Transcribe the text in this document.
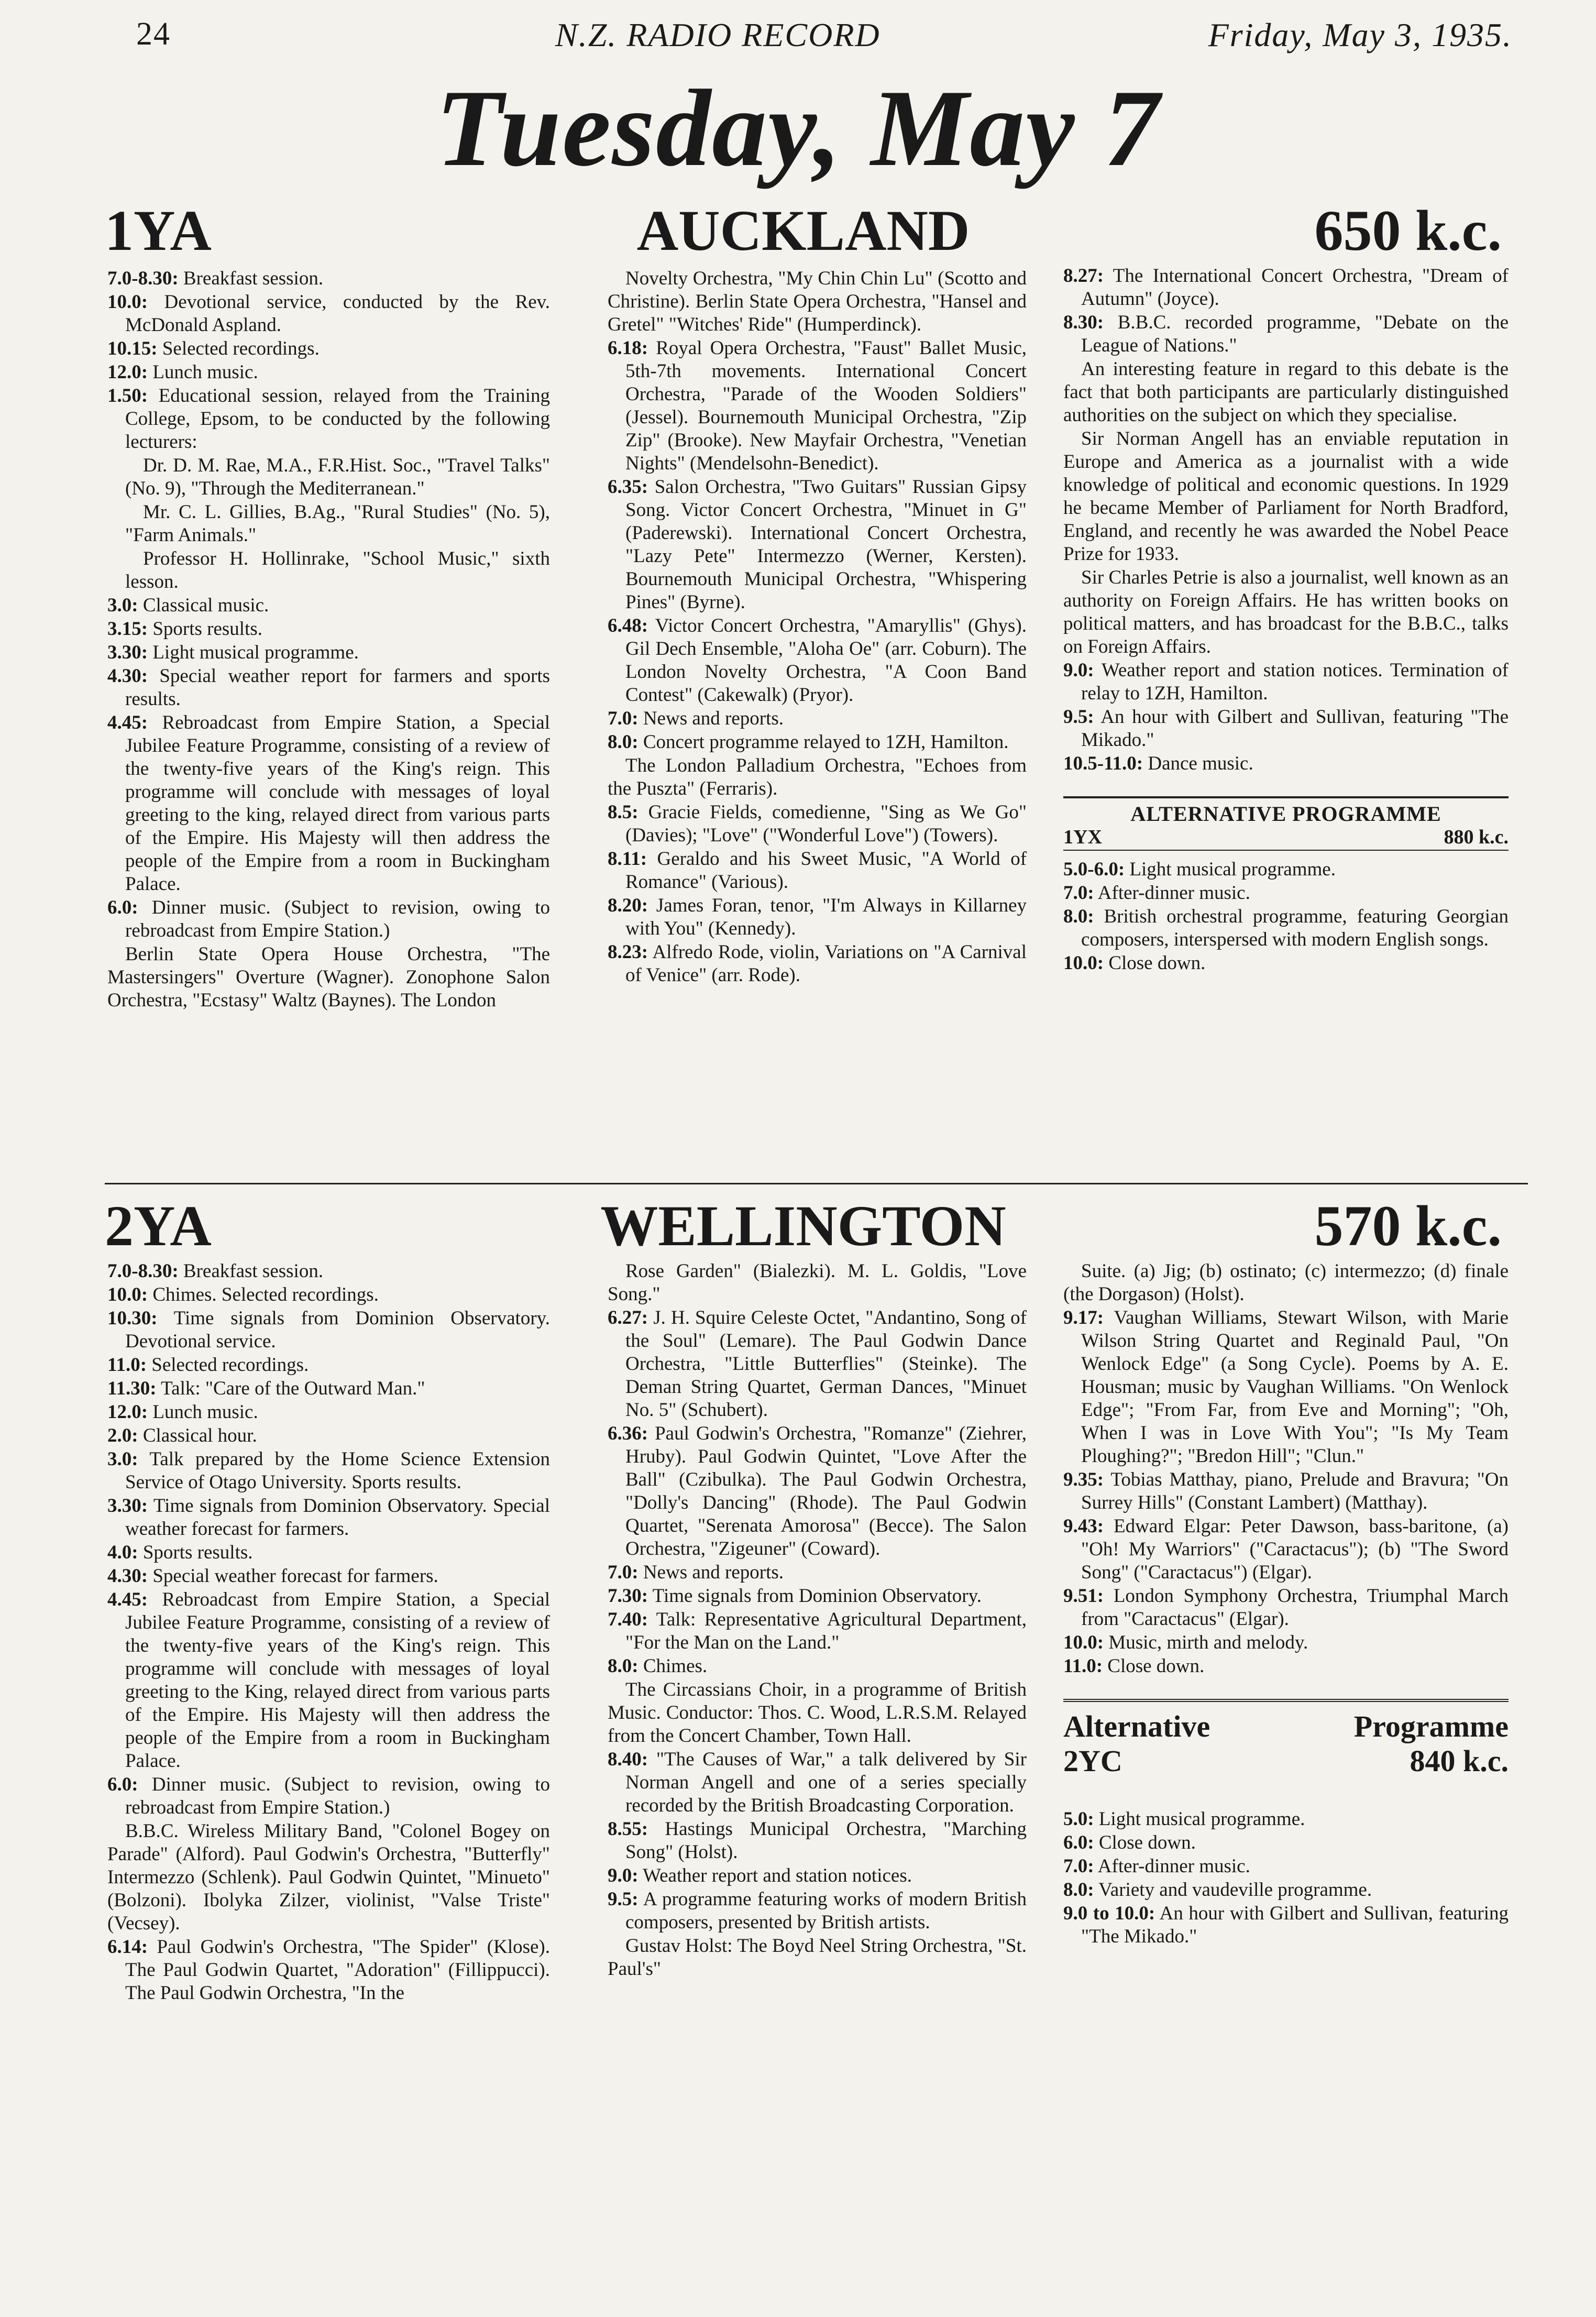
24	N.Z. RADIO RECORD	Friday, May 3, 1935.
Tuesday, May 7
1YA	AUCKLAND	650 k.c.

7.0-8.30: Breakfast session.

10.0: Devotional service, conducted by the Rev. McDonald Aspland.

10.15: Selected recordings.

12.0: Lunch music.

1.50: Educational session, relayed from the Training College, Epsom, to be conducted by the following lecturers:

Dr. D. M. Rae, M.A., F.R.Hist. Soc., "Travel Talks" (No. 9), "Through the Mediterranean."

Mr. C. L. Gillies, B.Ag., "Rural Studies" (No. 5), "Farm Animals."

Professor H. Hollinrake, "School Music," sixth lesson.

3.0: Classical music.

3.15: Sports results.

3.30: Light musical programme.

4.30: Special weather report for farmers and sports results.

4.45: Rebroadcast from Empire Station, a Special Jubilee Feature Programme, consisting of a review of the twenty-five years of the King's reign. This programme will conclude with messages of loyal greeting to the king, relayed direct from various parts of the Empire. His Majesty will then address the people of the Empire from a room in Buckingham Palace.

6.0: Dinner music. (Subject to revision, owing to rebroadcast from Empire Station.)

Berlin State Opera House Orchestra, "The Mastersingers" Overture (Wagner). Zonophone Salon Orchestra, "Ecstasy" Waltz (Baynes). The London

Novelty Orchestra, "My Chin Chin Lu" (Scotto and Christine). Berlin State Opera Orchestra, "Hansel and Gretel" "Witches' Ride" (Humperdinck).

6.18: Royal Opera Orchestra, "Faust" Ballet Music, 5th-7th movements. International Concert Orchestra, "Parade of the Wooden Soldiers" (Jessel). Bournemouth Municipal Orchestra, "Zip Zip" (Brooke). New Mayfair Orchestra, "Venetian Nights" (Mendelsohn-Benedict).

6.35: Salon Orchestra, "Two Guitars" Russian Gipsy Song. Victor Concert Orchestra, "Minuet in G" (Paderewski). International Concert Orchestra, "Lazy Pete" Intermezzo (Werner, Kersten). Bournemouth Municipal Orchestra, "Whispering Pines" (Byrne).

6.48: Victor Concert Orchestra, "Amaryllis" (Ghys). Gil Dech Ensemble, "Aloha Oe" (arr. Coburn). The London Novelty Orchestra, "A Coon Band Contest" (Cakewalk) (Pryor).

7.0: News and reports.

8.0: Concert programme relayed to 1ZH, Hamilton.

The London Palladium Orchestra, "Echoes from the Puszta" (Ferraris).

8.5: Gracie Fields, comedienne, "Sing as We Go" (Davies); "Love" ("Wonderful Love") (Towers).

8.11: Geraldo and his Sweet Music, "A World of Romance" (Various).

8.20: James Foran, tenor, "I'm Always in Killarney with You" (Kennedy).

8.23: Alfredo Rode, violin, Variations on "A Carnival of Venice" (arr. Rode).

8.27: The International Concert Orchestra, "Dream of Autumn" (Joyce).

8.30: B.B.C. recorded programme, "Debate on the League of Nations."

An interesting feature in regard to this debate is the fact that both participants are particularly distinguished authorities on the subject on which they specialise.

Sir Norman Angell has an enviable reputation in Europe and America as a journalist with a wide knowledge of political and economic questions. In 1929 he became Member of Parliament for North Bradford, England, and recently he was awarded the Nobel Peace Prize for 1933.

Sir Charles Petrie is also a journalist, well known as an authority on Foreign Affairs. He has written books on political matters, and has broadcast for the B.B.C., talks on Foreign Affairs.

9.0: Weather report and station notices. Termination of relay to 1ZH, Hamilton.

9.5: An hour with Gilbert and Sullivan, featuring "The Mikado."

10.5-11.0: Dance music.

ALTERNATIVE PROGRAMME
1YX	880 k.c.

5.0-6.0: Light musical programme.

7.0: After-dinner music.

8.0: British orchestral programme, featuring Georgian composers, interspersed with modern English songs.

10.0: Close down.

2YA	WELLINGTON	570 k.c.

7.0-8.30: Breakfast session.

10.0: Chimes. Selected recordings.

10.30: Time signals from Dominion Observatory. Devotional service.

11.0: Selected recordings.

11.30: Talk: "Care of the Outward Man."

12.0: Lunch music.

2.0: Classical hour.

3.0: Talk prepared by the Home Science Extension Service of Otago University. Sports results.

3.30: Time signals from Dominion Observatory. Special weather forecast for farmers.

4.0: Sports results.

4.30: Special weather forecast for farmers.

4.45: Rebroadcast from Empire Station, a Special Jubilee Feature Programme, consisting of a review of the twenty-five years of the King's reign. This programme will conclude with messages of loyal greeting to the King, relayed direct from various parts of the Empire. His Majesty will then address the people of the Empire from a room in Buckingham Palace.

6.0: Dinner music. (Subject to revision, owing to rebroadcast from Empire Station.)

B.B.C. Wireless Military Band, "Colonel Bogey on Parade" (Alford). Paul Godwin's Orchestra, "Butterfly" Intermezzo (Schlenk). Paul Godwin Quintet, "Minueto" (Bolzoni). Ibolyka Zilzer, violinist, "Valse Triste" (Vecsey).

6.14: Paul Godwin's Orchestra, "The Spider" (Klose). The Paul Godwin Quartet, "Adoration" (Fillippucci). The Paul Godwin Orchestra, "In the

Rose Garden" (Bialezki). M. L. Goldis, "Love Song."

6.27: J. H. Squire Celeste Octet, "Andantino, Song of the Soul" (Lemare). The Paul Godwin Dance Orchestra, "Little Butterflies" (Steinke). The Deman String Quartet, German Dances, "Minuet No. 5" (Schubert).

6.36: Paul Godwin's Orchestra, "Romanze" (Ziehrer, Hruby). Paul Godwin Quintet, "Love After the Ball" (Czibulka). The Paul Godwin Orchestra, "Dolly's Dancing" (Rhode). The Paul Godwin Quartet, "Serenata Amorosa" (Becce). The Salon Orchestra, "Zigeuner" (Coward).

7.0: News and reports.

7.30: Time signals from Dominion Observatory.

7.40: Talk: Representative Agricultural Department, "For the Man on the Land."

8.0: Chimes.

The Circassians Choir, in a programme of British Music. Conductor: Thos. C. Wood, L.R.S.M. Relayed from the Concert Chamber, Town Hall.

8.40: "The Causes of War," a talk delivered by Sir Norman Angell and one of a series specially recorded by the British Broadcasting Corporation.

8.55: Hastings Municipal Orchestra, "Marching Song" (Holst).

9.0: Weather report and station notices.

9.5: A programme featuring works of modern British composers, presented by British artists.

Gustav Holst: The Boyd Neel String Orchestra, "St. Paul's"

Suite. (a) Jig; (b) ostinato; (c) intermezzo; (d) finale (the Dorgason) (Holst).

9.17: Vaughan Williams, Stewart Wilson, with Marie Wilson String Quartet and Reginald Paul, "On Wenlock Edge" (a Song Cycle). Poems by A. E. Housman; music by Vaughan Williams. "On Wenlock Edge"; "From Far, from Eve and Morning"; "Oh, When I was in Love With You"; "Is My Team Ploughing?"; "Bredon Hill"; "Clun."

9.35: Tobias Matthay, piano, Prelude and Bravura; "On Surrey Hills" (Constant Lambert) (Matthay).

9.43: Edward Elgar: Peter Dawson, bass-baritone, (a) "Oh! My Warriors" ("Caractacus"); (b) "The Sword Song" ("Caractacus") (Elgar).

9.51: London Symphony Orchestra, Triumphal March from "Caractacus" (Elgar).

10.0: Music, mirth and melody.

11.0: Close down.

Alternative	Programme
2YC	840 k.c.

5.0: Light musical programme.

6.0: Close down.

7.0: After-dinner music.

8.0: Variety and vaudeville programme.

9.0 to 10.0: An hour with Gilbert and Sullivan, featuring "The Mikado."
